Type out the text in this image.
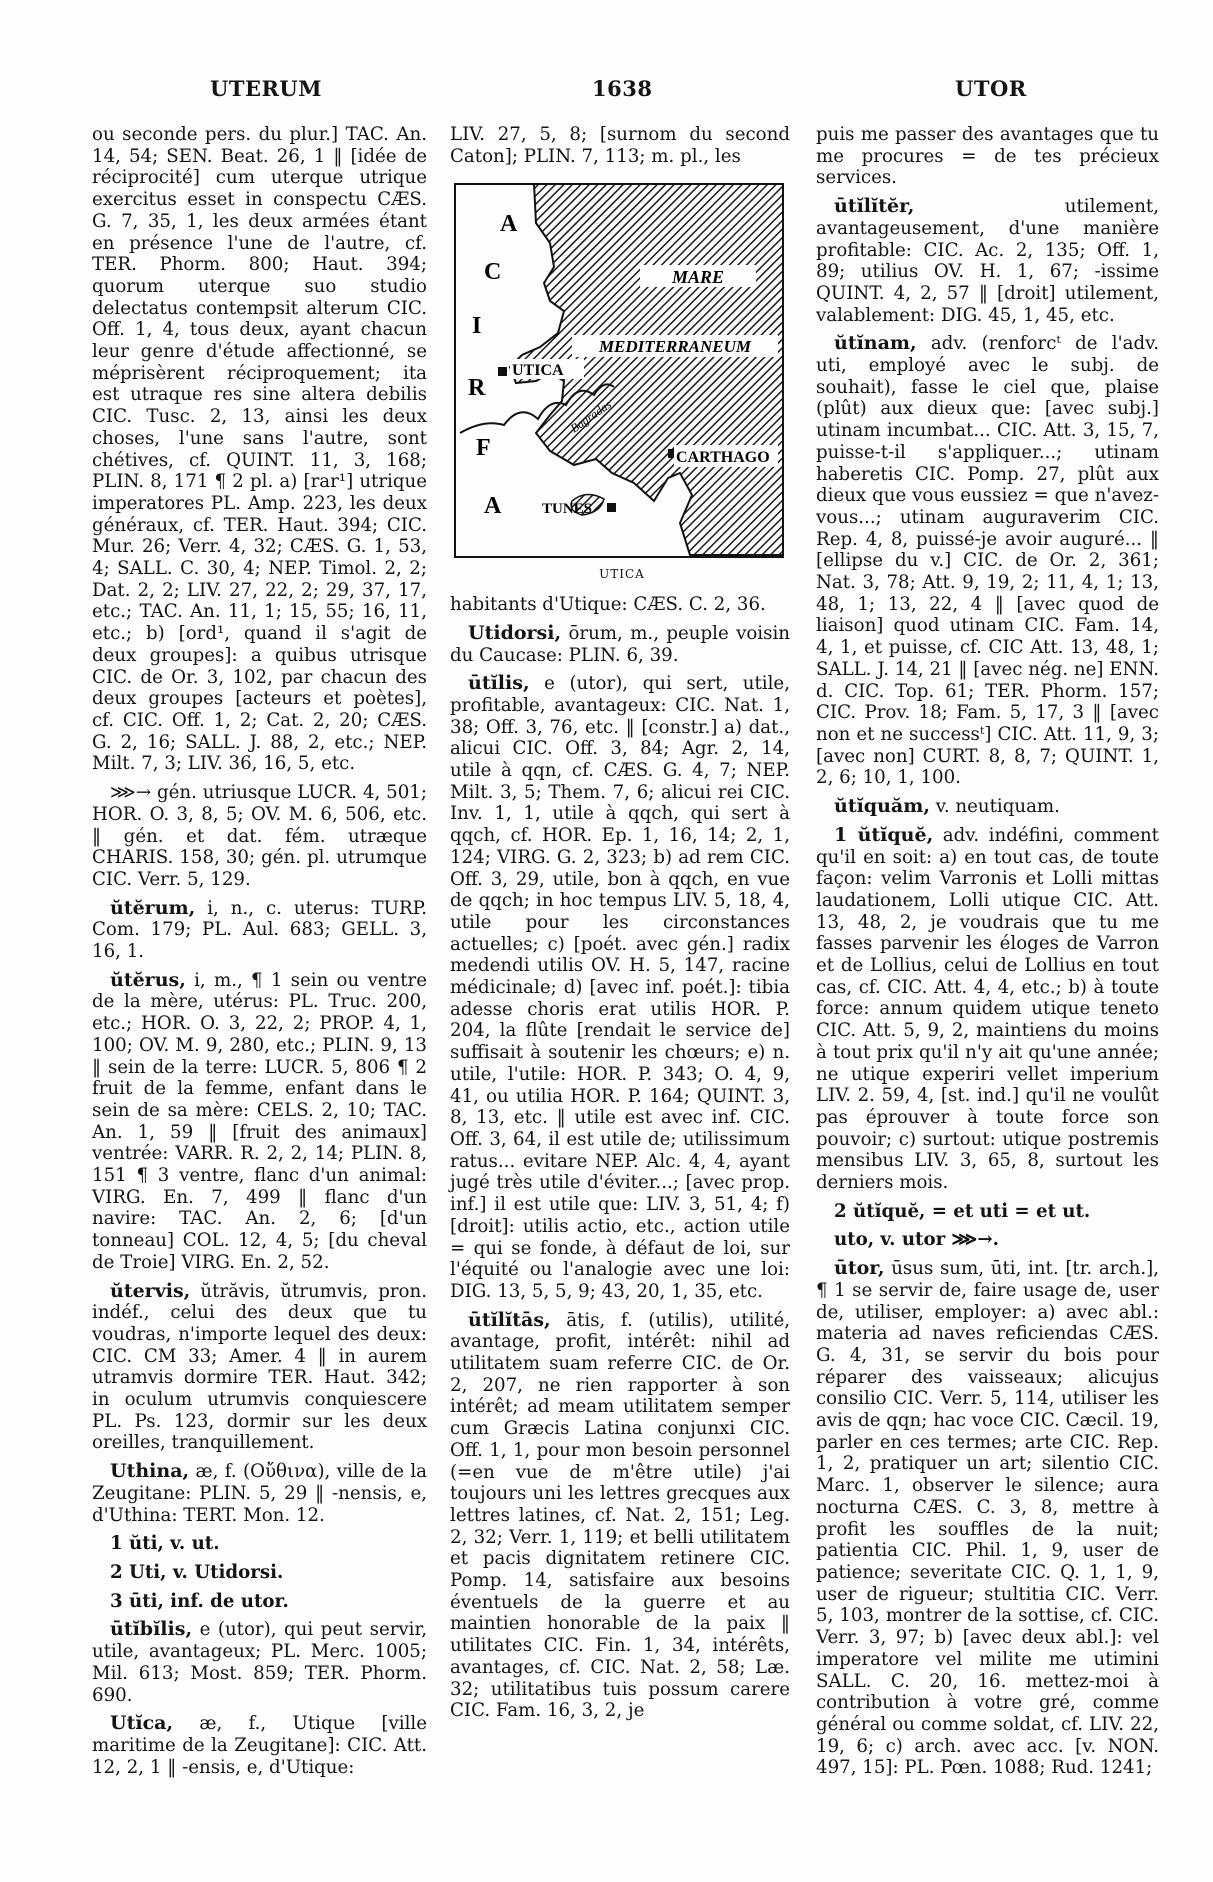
UTERUM	1638	UTOR

ou seconde pers. du plur.] TAC. An. 14, 54; SEN. Beat. 26, 1 ‖ [idée de réciprocité] cum uterque utrique exercitus esset in conspectu CÆS. G. 7, 35, 1, les deux armées étant en présence l'une de l'autre, cf. TER. Phorm. 800; Haut. 394; quorum uterque suo studio delectatus contempsit alterum CIC. Off. 1, 4, tous deux, ayant chacun leur genre d'étude affectionné, se méprisèrent réciproquement; ita est utraque res sine altera debilis CIC. Tusc. 2, 13, ainsi les deux choses, l'une sans l'autre, sont chétives, cf. QUINT. 11, 3, 168; PLIN. 8, 171 ¶ 2 pl. a) [rar¹] utrique imperatores PL. Amp. 223, les deux généraux, cf. TER. Haut. 394; CIC. Mur. 26; Verr. 4, 32; CÆS. G. 1, 53, 4; SALL. C. 30, 4; NEP. Timol. 2, 2; Dat. 2, 2; LIV. 27, 22, 2; 29, 37, 17, etc.; TAC. An. 11, 1; 15, 55; 16, 11, etc.; b) [ord¹, quand il s'agit de deux groupes]: a quibus utrisque CIC. de Or. 3, 102, par chacun des deux groupes [acteurs et poètes], cf. CIC. Off. 1, 2; Cat. 2, 20; CÆS. G. 2, 16; SALL. J. 88, 2, etc.; NEP. Milt. 7, 3; LIV. 36, 16, 5, etc.

⋙→ gén. utriusque LUCR. 4, 501; HOR. O. 3, 8, 5; OV. M. 6, 506, etc. ‖ gén. et dat. fém. utræque CHARIS. 158, 30; gén. pl. utrumque CIC. Verr. 5, 129.

ŭtĕrum, i, n., c. uterus: TURP. Com. 179; PL. Aul. 683; GELL. 3, 16, 1.

ŭtĕrus, i, m., ¶ 1 sein ou ventre de la mère, utérus: PL. Truc. 200, etc.; HOR. O. 3, 22, 2; PROP. 4, 1, 100; OV. M. 9, 280, etc.; PLIN. 9, 13 ‖ sein de la terre: LUCR. 5, 806 ¶ 2 fruit de la femme, enfant dans le sein de sa mère: CELS. 2, 10; TAC. An. 1, 59 ‖ [fruit des animaux] ventrée: VARR. R. 2, 2, 14; PLIN. 8, 151 ¶ 3 ventre, flanc d'un animal: VIRG. En. 7, 499 ‖ flanc d'un navire: TAC. An. 2, 6; [d'un tonneau] COL. 12, 4, 5; [du cheval de Troie] VIRG. En. 2, 52.

ŭtervis, ŭtrăvis, ŭtrumvis, pron. indéf., celui des deux que tu voudras, n'importe lequel des deux: CIC. CM 33; Amer. 4 ‖ in aurem utramvis dormire TER. Haut. 342; in oculum utrumvis conquiescere PL. Ps. 123, dormir sur les deux oreilles, tranquillement.

Uthina, æ, f. (Οὔθινα), ville de la Zeugitane: PLIN. 5, 29 ‖ -nensis, e, d'Uthina: TERT. Mon. 12.

1 ŭti, v. ut.

2 Uti, v. Utidorsi.

3 ūti, inf. de utor.

ūtĭbĭlis, e (utor), qui peut servir, utile, avantageux; PL. Merc. 1005; Mil. 613; Most. 859; TER. Phorm. 690.

Utĭca, æ, f., Utique [ville maritime de la Zeugitane]: CIC. Att. 12, 2, 1 ‖ -ensis, e, d'Utique:

LIV. 27, 5, 8; [surnom du second Caton]; PLIN. 7, 113; m. pl., les

MARE
MEDITERRANEUM
UTICA
CARTHAGO
TUNES
Bagradas
A
F
R
I
C
A
UTICA

habitants d'Utique: CÆS. C. 2, 36.

Utidorsi, ōrum, m., peuple voisin du Caucase: PLIN. 6, 39.

ūtĭlis, e (utor), qui sert, utile, profitable, avantageux: CIC. Nat. 1, 38; Off. 3, 76, etc. ‖ [constr.] a) dat., alicui CIC. Off. 3, 84; Agr. 2, 14, utile à qqn, cf. CÆS. G. 4, 7; NEP. Milt. 3, 5; Them. 7, 6; alicui rei CIC. Inv. 1, 1, utile à qqch, qui sert à qqch, cf. HOR. Ep. 1, 16, 14; 2, 1, 124; VIRG. G. 2, 323; b) ad rem CIC. Off. 3, 29, utile, bon à qqch, en vue de qqch; in hoc tempus LIV. 5, 18, 4, utile pour les circonstances actuelles; c) [poét. avec gén.] radix medendi utilis OV. H. 5, 147, racine médicinale; d) [avec inf. poét.]: tibia adesse choris erat utilis HOR. P. 204, la flûte [rendait le service de] suffisait à soutenir les chœurs; e) n. utile, l'utile: HOR. P. 343; O. 4, 9, 41, ou utilia HOR. P. 164; QUINT. 3, 8, 13, etc. ‖ utile est avec inf. CIC. Off. 3, 64, il est utile de; utilissimum ratus... evitare NEP. Alc. 4, 4, ayant jugé très utile d'éviter...; [avec prop. inf.] il est utile que: LIV. 3, 51, 4; f) [droit]: utilis actio, etc., action utile = qui se fonde, à défaut de loi, sur l'équité ou l'analogie avec une loi: DIG. 13, 5, 5, 9; 43, 20, 1, 35, etc.

ūtĭlĭtās, ātis, f. (utilis), utilité, avantage, profit, intérêt: nihil ad utilitatem suam referre CIC. de Or. 2, 207, ne rien rapporter à son intérêt; ad meam utilitatem semper cum Græcis Latina conjunxi CIC. Off. 1, 1, pour mon besoin personnel (=en vue de m'être utile) j'ai toujours uni les lettres grecques aux lettres latines, cf. Nat. 2, 151; Leg. 2, 32; Verr. 1, 119; et belli utilitatem et pacis dignitatem retinere CIC. Pomp. 14, satisfaire aux besoins éventuels de la guerre et au maintien honorable de la paix ‖ utilitates CIC. Fin. 1, 34, intérêts, avantages, cf. CIC. Nat. 2, 58; Læ. 32; utilitatibus tuis possum carere CIC. Fam. 16, 3, 2, je

puis me passer des avantages que tu me procures = de tes précieux services.

ūtĭlĭtĕr,	utilement, avantageusement, d'une manière profitable: CIC. Ac. 2, 135; Off. 1, 89; utilius OV. H. 1, 67; -issime QUINT. 4, 2, 57 ‖ [droit] utilement, valablement: DIG. 45, 1, 45, etc.

ŭtĭnam, adv. (renforcᵗ de l'adv. uti, employé avec le subj. de souhait), fasse le ciel que, plaise (plût) aux dieux que: [avec subj.] utinam incumbat... CIC. Att. 3, 15, 7, puisse-t-il s'appliquer...; utinam haberetis CIC. Pomp. 27, plût aux dieux que vous eussiez = que n'avez-vous...; utinam auguraverim CIC. Rep. 4, 8, puissé-je avoir auguré... ‖ [ellipse du v.] CIC. de Or. 2, 361; Nat. 3, 78; Att. 9, 19, 2; 11, 4, 1; 13, 48, 1; 13, 22, 4 ‖ [avec quod de liaison] quod utinam CIC. Fam. 14, 4, 1, et puisse, cf. CIC Att. 13, 48, 1; SALL. J. 14, 21 ‖ [avec nég. ne] ENN. d. CIC. Top. 61; TER. Phorm. 157; CIC. Prov. 18; Fam. 5, 17, 3 ‖ [avec non et ne successᵗ] CIC. Att. 11, 9, 3; [avec non] CURT. 8, 8, 7; QUINT. 1, 2, 6; 10, 1, 100.

ŭtĭquăm, v. neutiquam.

1 ŭtĭquĕ, adv. indéfini, comment qu'il en soit: a) en tout cas, de toute façon: velim Varronis et Lolli mittas laudationem, Lolli utique CIC. Att. 13, 48, 2, je voudrais que tu me fasses parvenir les éloges de Varron et de Lollius, celui de Lollius en tout cas, cf. CIC. Att. 4, 4, etc.; b) à toute force: annum quidem utique teneto CIC. Att. 5, 9, 2, maintiens du moins à tout prix qu'il n'y ait qu'une année; ne utique experiri vellet imperium LIV. 2. 59, 4, [st. ind.] qu'il ne voulût pas éprouver à toute force son pouvoir; c) surtout: utique postremis mensibus LIV. 3, 65, 8, surtout les derniers mois.

2 ŭtĭquĕ, = et uti = et ut.

uto, v. utor ⋙→.

ūtor, ūsus sum, ūti, int. [tr. arch.], ¶ 1 se servir de, faire usage de, user de, utiliser, employer: a) avec abl.: materia ad naves reficiendas CÆS. G. 4, 31, se servir du bois pour réparer des vaisseaux; alicujus consilio CIC. Verr. 5, 114, utiliser les avis de qqn; hac voce CIC. Cæcil. 19, parler en ces termes; arte CIC. Rep. 1, 2, pratiquer un art; silentio CIC. Marc. 1, observer le silence; aura nocturna CÆS. C. 3, 8, mettre à profit les souffles de la nuit; patientia CIC. Phil. 1, 9, user de patience; severitate CIC. Q. 1, 1, 9, user de rigueur; stultitia CIC. Verr. 5, 103, montrer de la sottise, cf. CIC. Verr. 3, 97; b) [avec deux abl.]: vel imperatore vel milite me utimini SALL. C. 20, 16. mettez-moi à contribution à votre gré, comme général ou comme soldat, cf. LIV. 22, 19, 6; c) arch. avec acc. [v. NON. 497, 15]: PL. Pœn. 1088; Rud. 1241;
